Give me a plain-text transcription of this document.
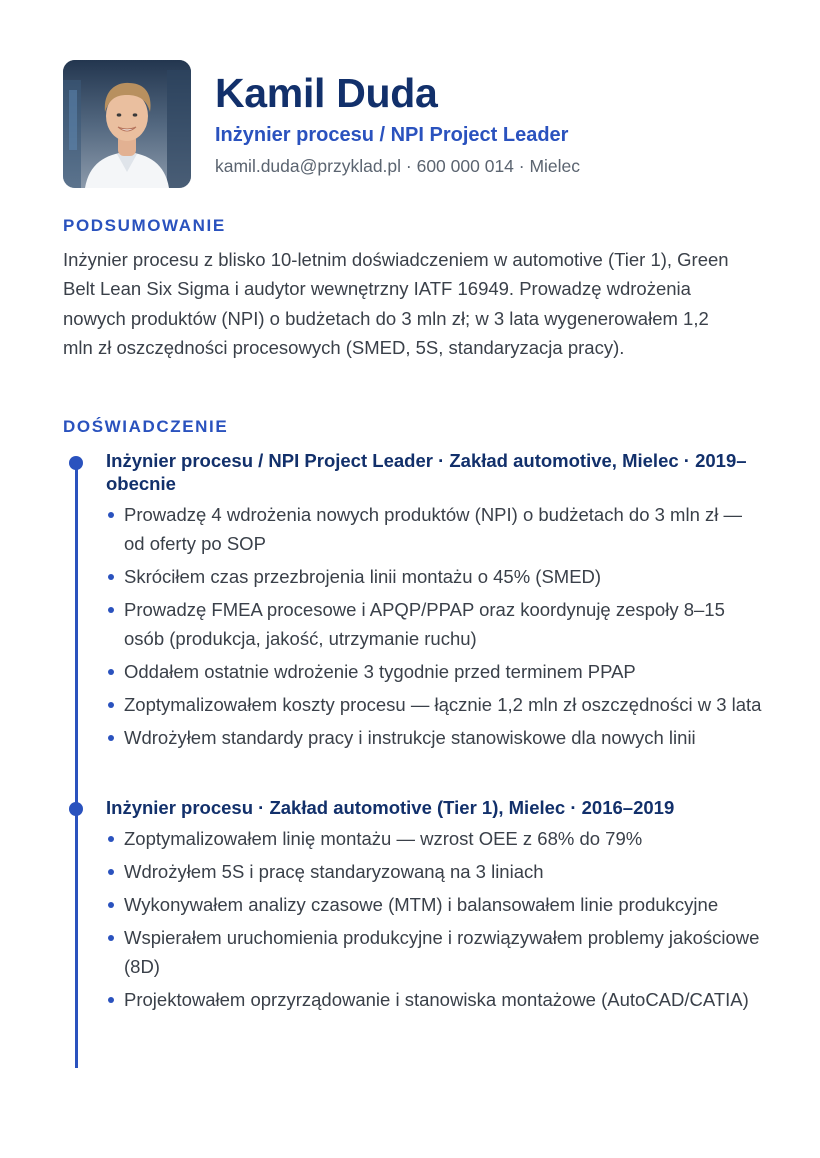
Kamil Duda
Inżynier procesu / NPI Project Leader
kamil.duda@przyklad.pl · 600 000 014 · Mielec
PODSUMOWANIE

Inżynier procesu z blisko 10-letnim doświadczeniem w automotive (Tier 1), Green Belt Lean Six Sigma i audytor wewnętrzny IATF 16949. Prowadzę wdrożenia nowych produktów (NPI) o budżetach do 3 mln zł; w 3 lata wygenerowałem 1,2 mln zł oszczędności procesowych (SMED, 5S, standaryzacja pracy).

DOŚWIADCZENIE
Inżynier procesu / NPI Project Leader · Zakład automotive, Mielec · 2019–obecnie
Prowadzę 4 wdrożenia nowych produktów (NPI) o budżetach do 3 mln zł — od oferty po SOP
Skróciłem czas przezbrojenia linii montażu o 45% (SMED)
Prowadzę FMEA procesowe i APQP/PPAP oraz koordynuję zespoły 8–15 osób (produkcja, jakość, utrzymanie ruchu)
Oddałem ostatnie wdrożenie 3 tygodnie przed terminem PPAP
Zoptymalizowałem koszty procesu — łącznie 1,2 mln zł oszczędności w 3 lata
Wdrożyłem standardy pracy i instrukcje stanowiskowe dla nowych linii
Inżynier procesu · Zakład automotive (Tier 1), Mielec · 2016–2019
Zoptymalizowałem linię montażu — wzrost OEE z 68% do 79%
Wdrożyłem 5S i pracę standaryzowaną na 3 liniach
Wykonywałem analizy czasowe (MTM) i balansowałem linie produkcyjne
Wspierałem uruchomienia produkcyjne i rozwiązywałem problemy jakościowe (8D)
Projektowałem oprzyrządowanie i stanowiska montażowe (AutoCAD/CATIA)
